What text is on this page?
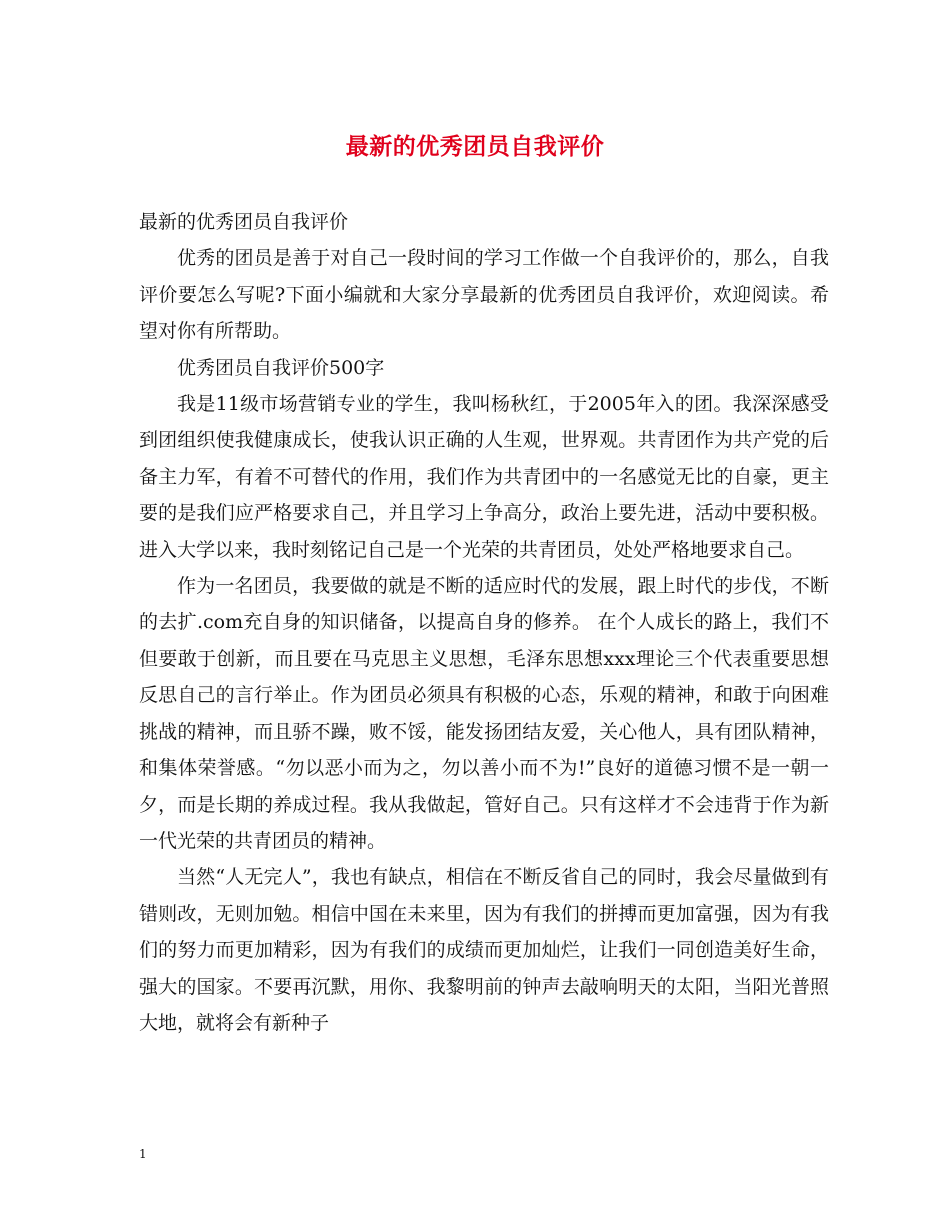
最新的优秀团员自我评价

最新的优秀团员自我评价

优秀的团员是善于对自己一段时间的学习工作做一个自我评价的，那么，自我评价要怎么写呢?下面小编就和大家分享最新的优秀团员自我评价，欢迎阅读。希望对你有所帮助。

优秀团员自我评价500字

我是11级市场营销专业的学生，我叫杨秋红，于2005年入的团。我深深感受到团组织使我健康成长，使我认识正确的人生观，世界观。共青团作为共产党的后备主力军，有着不可替代的作用，我们作为共青团中的一名感觉无比的自豪，更主要的是我们应严格要求自己，并且学习上争高分，政治上要先进，活动中要积极。进入大学以来，我时刻铭记自己是一个光荣的共青团员，处处严格地要求自己。

作为一名团员，我要做的就是不断的适应时代的发展，跟上时代的步伐，不断的去扩.com充自身的知识储备，以提高自身的修养。 在个人成长的路上，我们不但要敢于创新，而且要在马克思主义思想，毛泽东思想xxx理论三个代表重要思想反思自己的言行举止。作为团员必须具有积极的心态，乐观的精神，和敢于向困难挑战的精神，而且骄不躁，败不馁，能发扬团结友爱，关心他人，具有团队精神，和集体荣誉感。“勿以恶小而为之，勿以善小而不为!”良好的道德习惯不是一朝一夕，而是长期的养成过程。我从我做起，管好自己。只有这样才不会违背于作为新一代光荣的共青团员的精神。

当然“人无完人”，我也有缺点，相信在不断反省自己的同时，我会尽量做到有错则改，无则加勉。相信中国在未来里，因为有我们的拼搏而更加富强，因为有我们的努力而更加精彩，因为有我们的成绩而更加灿烂，让我们一同创造美好生命，强大的国家。不要再沉默，用你、我黎明前的钟声去敲响明天的太阳，当阳光普照大地，就将会有新种子

1
